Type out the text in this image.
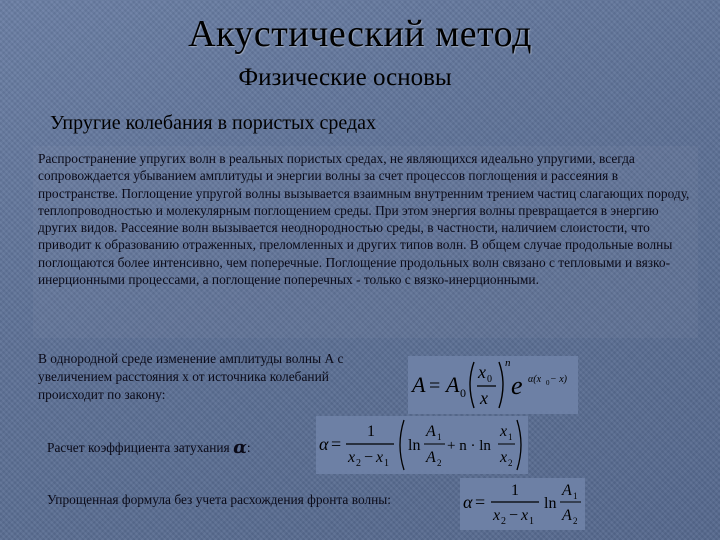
Акустический метод
Физические основы
Упругие колебания в пористых средах

Распространение упругих волн в реальных пористых средах, не являющихся идеально упругими, всегда сопровождается убыванием амплитуды и энергии волны за счет процессов поглощения и рассеяния в пространстве. Поглощение упругой волны вызывается взаимным внутренним трением частиц слагающих породу, теплопроводностью и молекулярным поглощением среды. При этом энергия волны превращается в энергию других видов. Рассеяние волн вызывается неоднородностью среды, в частности, наличием слоистости, что приводит к образованию отраженных, преломленных и других типов волн. В общем случае продольные волны поглощаются более интенсивно, чем поперечные. Поглощение продольных волн связано с тепловыми и вязко-инерционными процессами, а поглощение поперечных - только с вязко-инерционными.

В однородной среде изменение амплитуды волны А с увеличением расстояния х от источника колебаний происходит по закону:

Расчет коэффициента затухания α:
Упрощенная формула без учета расхождения фронта волны:
A = A 0
x 0
x
n
e α(x 0 − x)
α =
1
x 2 − x 1
ln
A 1
A 2
+ n · ln
x 1
x 2
α =
1
x 2 − x 1
ln
A 1
A 2
